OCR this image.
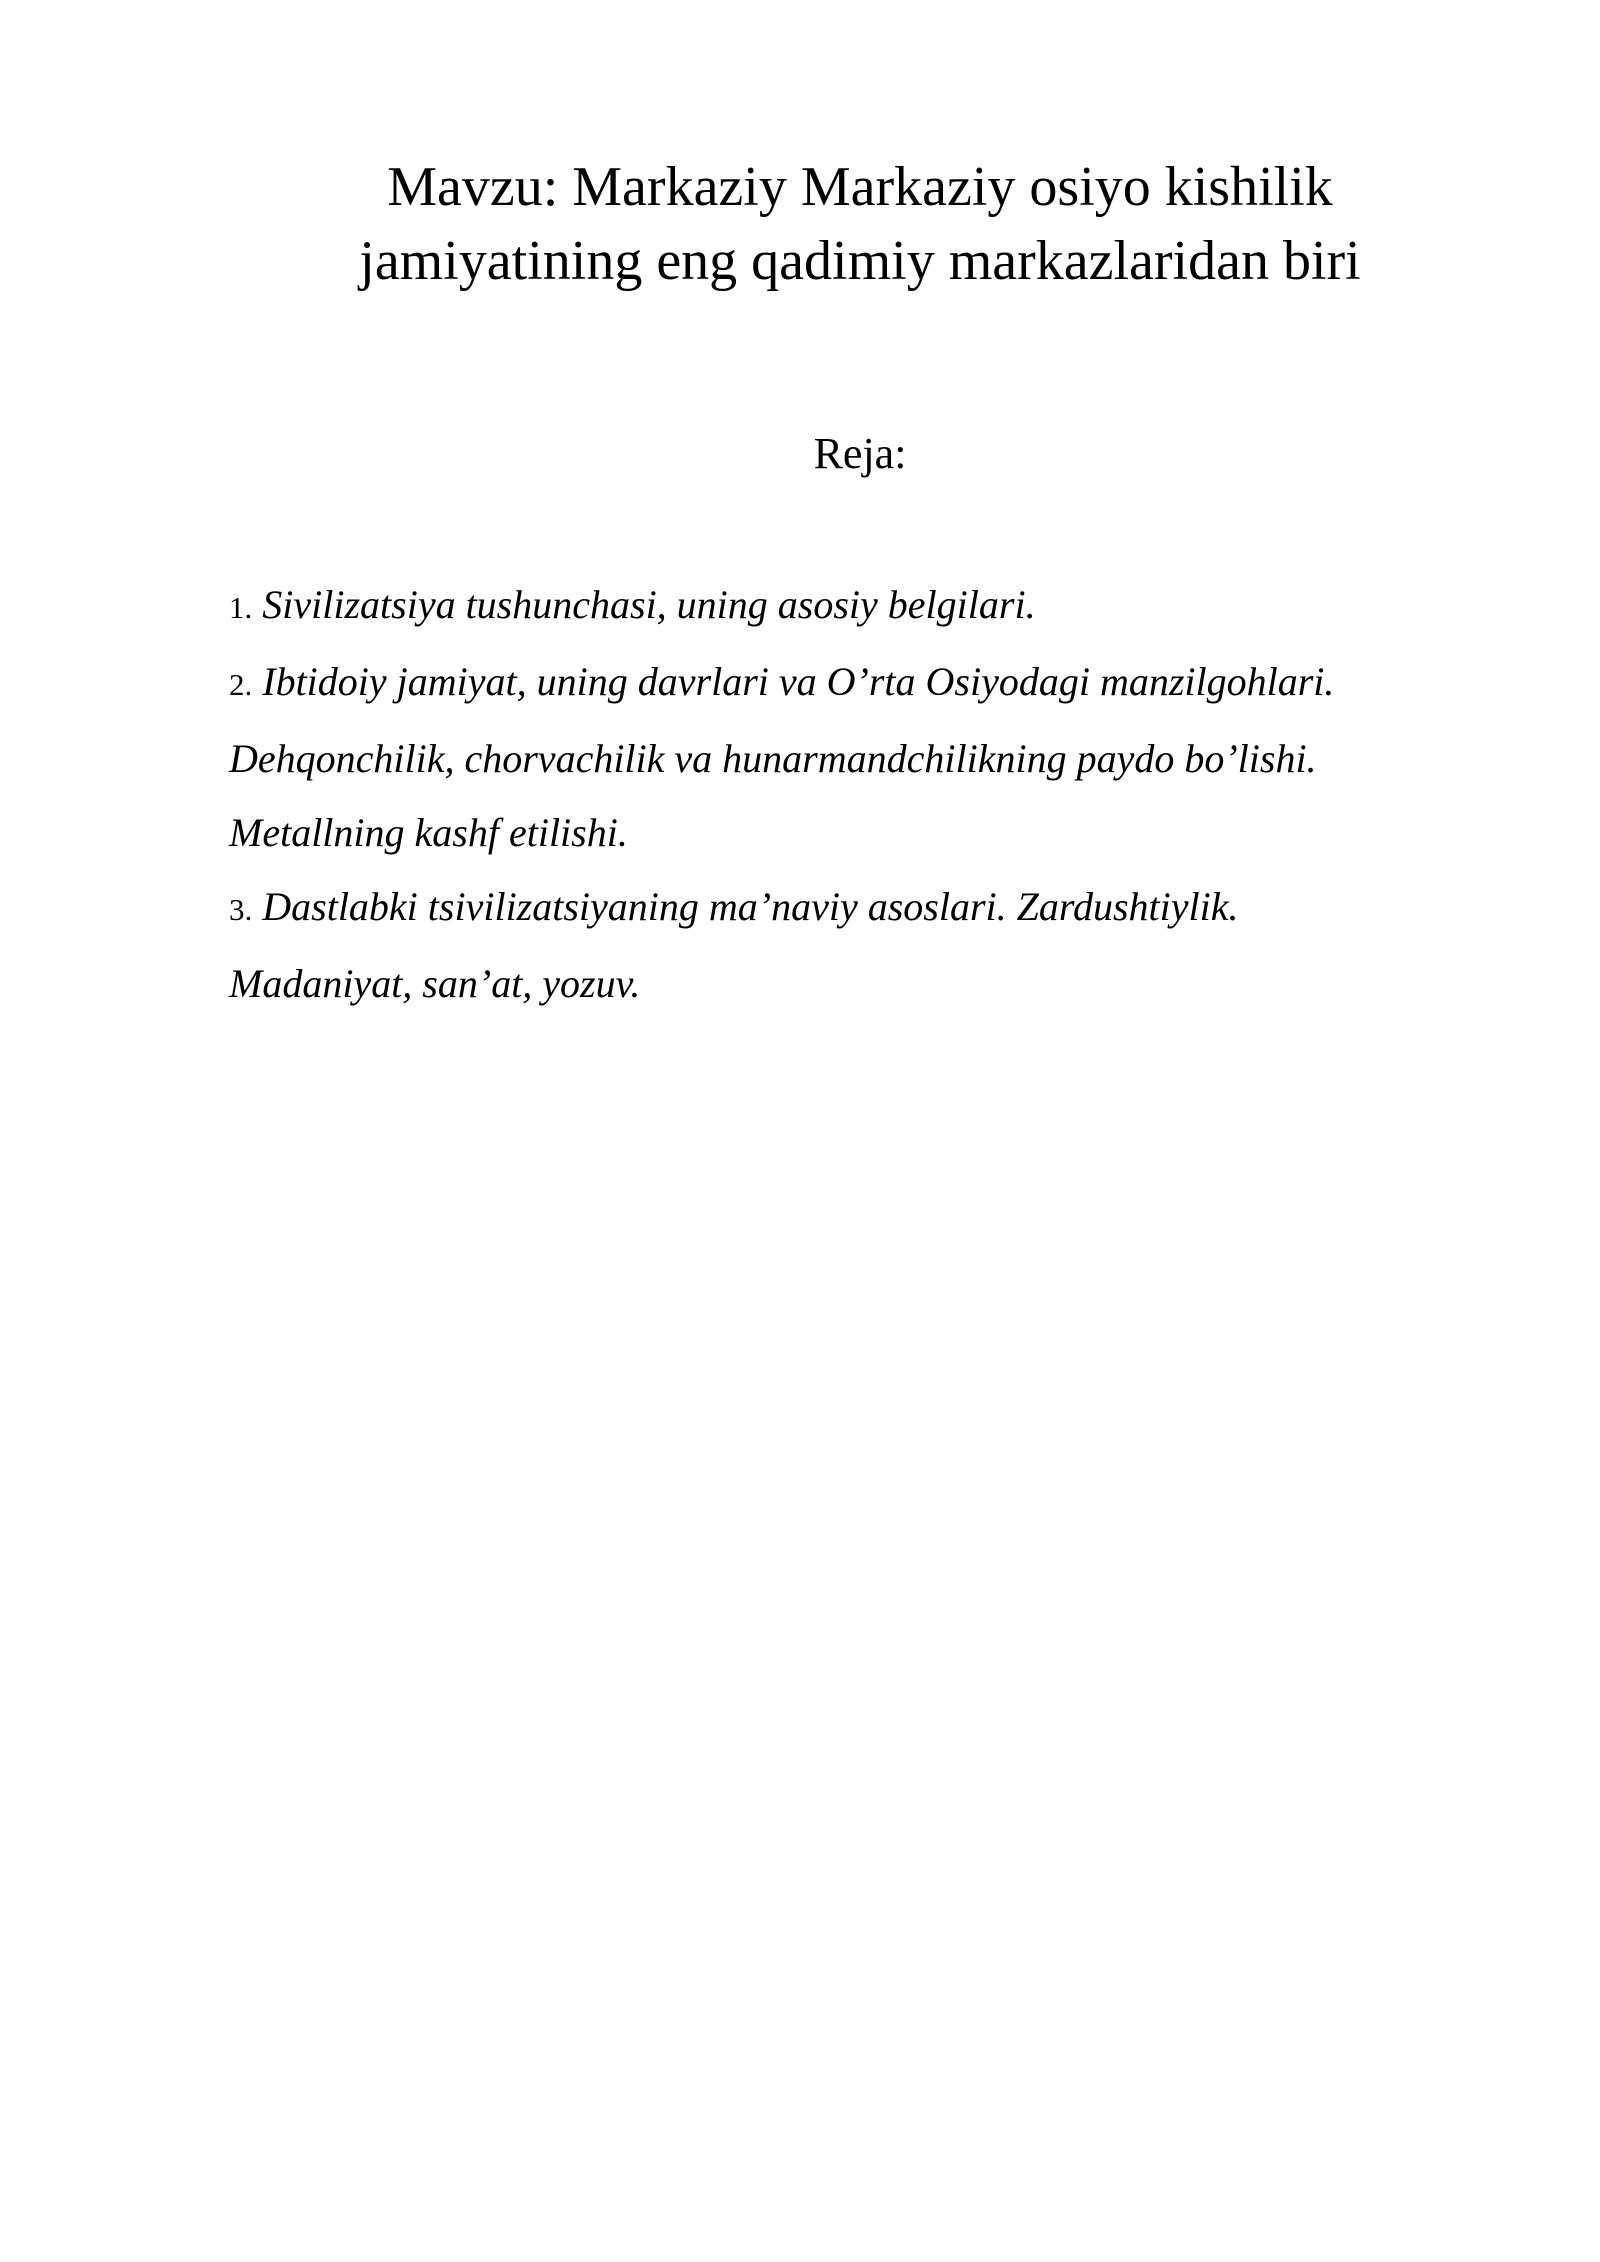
Mavzu: Markaziy Markaziy osiyo kishilik
jamiyatining eng qadimiy markazlaridan biri
Reja:
1. Sivilizatsiya tushunchasi, uning asosiy belgilari.
2. Ibtidoiy jamiyat, uning davrlari va O’rta Osiyodagi manzilgohlari.
Dehqonchilik, chorvachilik va hunarmandchilikning paydo bo’lishi.
Metallning kashf etilishi.
3. Dastlabki tsivilizatsiyaning ma’naviy asoslari. Zardushtiylik.
Madaniyat, san’at, yozuv.
